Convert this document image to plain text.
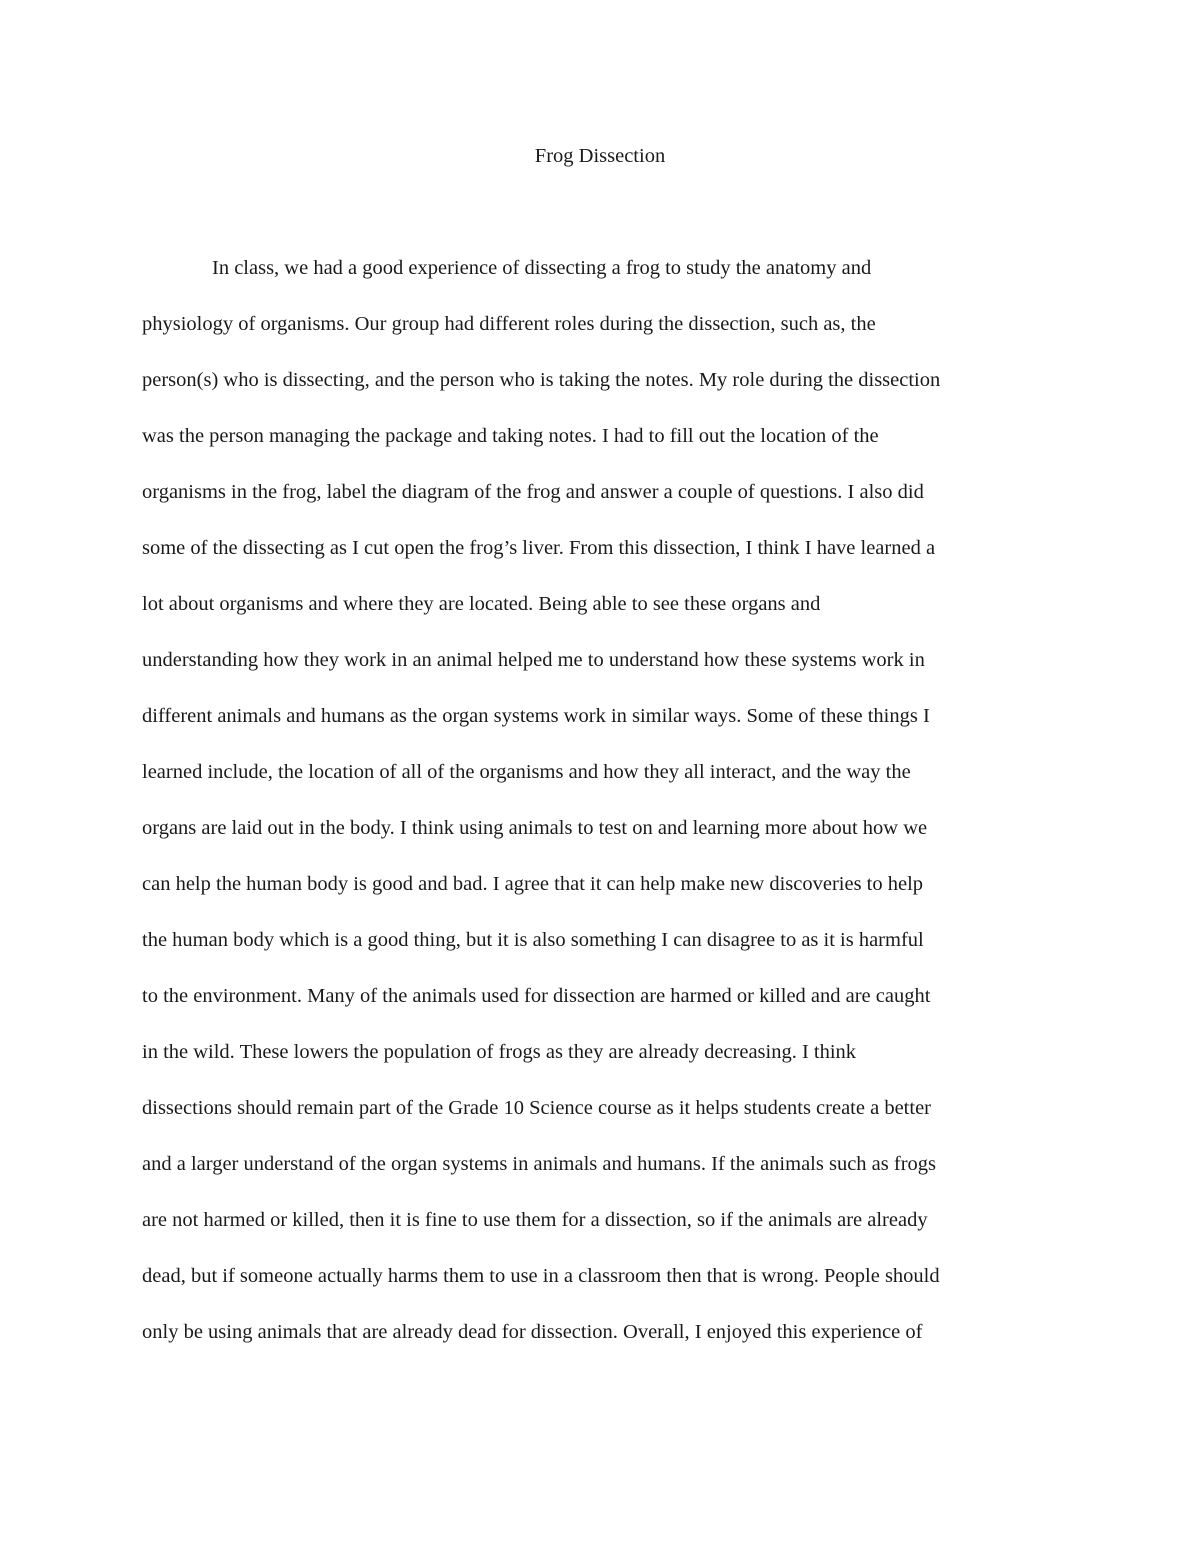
Frog Dissection
In class, we had a good experience of dissecting a frog to study the anatomy and
physiology of organisms. Our group had different roles during the dissection, such as, the
person(s) who is dissecting, and the person who is taking the notes. My role during the dissection
was the person managing the package and taking notes. I had to fill out the location of the
organisms in the frog, label the diagram of the frog and answer a couple of questions. I also did
some of the dissecting as I cut open the frog’s liver. From this dissection, I think I have learned a
lot about organisms and where they are located. Being able to see these organs and
understanding how they work in an animal helped me to understand how these systems work in
different animals and humans as the organ systems work in similar ways. Some of these things I
learned include, the location of all of the organisms and how they all interact, and the way the
organs are laid out in the body. I think using animals to test on and learning more about how we
can help the human body is good and bad. I agree that it can help make new discoveries to help
the human body which is a good thing, but it is also something I can disagree to as it is harmful
to the environment. Many of the animals used for dissection are harmed or killed and are caught
in the wild. These lowers the population of frogs as they are already decreasing. I think
dissections should remain part of the Grade 10 Science course as it helps students create a better
and a larger understand of the organ systems in animals and humans. If the animals such as frogs
are not harmed or killed, then it is fine to use them for a dissection, so if the animals are already
dead, but if someone actually harms them to use in a classroom then that is wrong. People should
only be using animals that are already dead for dissection. Overall, I enjoyed this experience of
